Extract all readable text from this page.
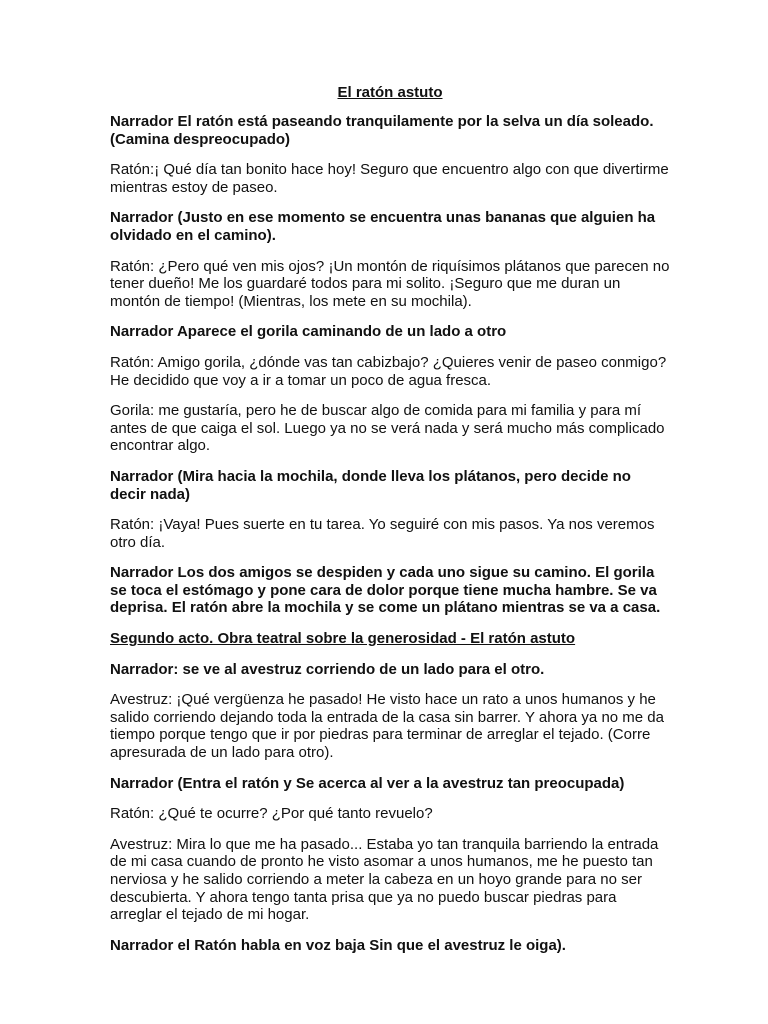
El ratón astuto

Narrador El ratón está paseando tranquilamente por la selva un día soleado. (Camina despreocupado)

Ratón:¡ Qué día tan bonito hace hoy! Seguro que encuentro algo con que divertirme mientras estoy de paseo.

Narrador (Justo en ese momento se encuentra unas bananas que alguien ha olvidado en el camino).

Ratón: ¿Pero qué ven mis ojos? ¡Un montón de riquísimos plátanos que parecen no tener dueño! Me los guardaré todos para mi solito. ¡Seguro que me duran un montón de tiempo! (Mientras, los mete en su mochila).

Narrador Aparece el gorila caminando de un lado a otro

Ratón: Amigo gorila, ¿dónde vas tan cabizbajo? ¿Quieres venir de paseo conmigo? He decidido que voy a ir a tomar un poco de agua fresca.

Gorila: me gustaría, pero he de buscar algo de comida para mi familia y para mí antes de que caiga el sol. Luego ya no se verá nada y será mucho más complicado encontrar algo.

Narrador (Mira hacia la mochila, donde lleva los plátanos, pero decide no decir nada)

Ratón: ¡Vaya! Pues suerte en tu tarea. Yo seguiré con mis pasos. Ya nos veremos otro día.

Narrador Los dos amigos se despiden y cada uno sigue su camino. El gorila se toca el estómago y pone cara de dolor porque tiene mucha hambre. Se va deprisa. El ratón abre la mochila y se come un plátano mientras se va a casa.

Segundo acto. Obra teatral sobre la generosidad - El ratón astuto

Narrador: se ve al avestruz corriendo de un lado para el otro.

Avestruz: ¡Qué vergüenza he pasado! He visto hace un rato a unos humanos y he salido corriendo dejando toda la entrada de la casa sin barrer. Y ahora ya no me da tiempo porque tengo que ir por piedras para terminar de arreglar el tejado. (Corre apresurada de un lado para otro).

Narrador (Entra el ratón y Se acerca al ver a la avestruz tan preocupada)

Ratón: ¿Qué te ocurre? ¿Por qué tanto revuelo?

Avestruz: Mira lo que me ha pasado... Estaba yo tan tranquila barriendo la entrada de mi casa cuando de pronto he visto asomar a unos humanos, me he puesto tan nerviosa y he salido corriendo a meter la cabeza en un hoyo grande para no ser descubierta. Y ahora tengo tanta prisa que ya no puedo buscar piedras para arreglar el tejado de mi hogar.

Narrador el Ratón habla en voz baja Sin que el avestruz le oiga).
